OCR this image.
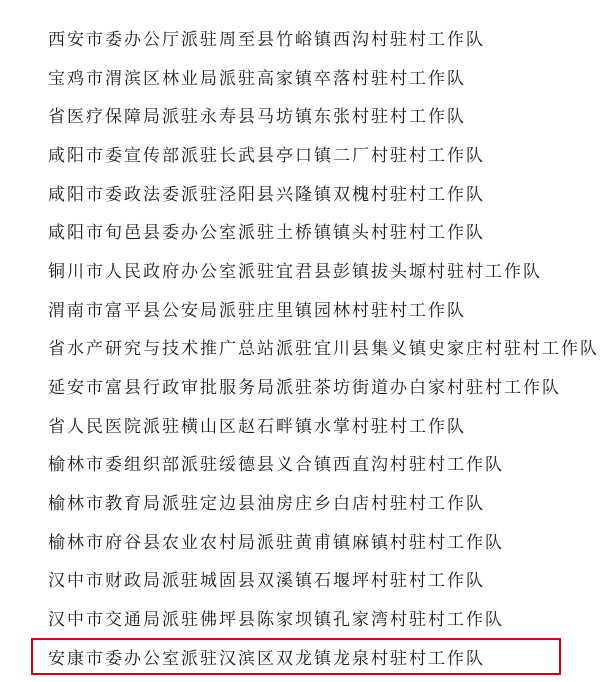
西安市委办公厅派驻周至县竹峪镇西沟村驻村工作队
宝鸡市渭滨区林业局派驻高家镇卒落村驻村工作队
省医疗保障局派驻永寿县马坊镇东张村驻村工作队
咸阳市委宣传部派驻长武县亭口镇二厂村驻村工作队
咸阳市委政法委派驻泾阳县兴隆镇双槐村驻村工作队
咸阳市旬邑县委办公室派驻土桥镇镇头村驻村工作队
铜川市人民政府办公室派驻宜君县彭镇拔头塬村驻村工作队
渭南市富平县公安局派驻庄里镇园林村驻村工作队
省水产研究与技术推广总站派驻宜川县集义镇史家庄村驻村工作队
延安市富县行政审批服务局派驻茶坊街道办白家村驻村工作队
省人民医院派驻横山区赵石畔镇水掌村驻村工作队
榆林市委组织部派驻绥德县义合镇西直沟村驻村工作队
榆林市教育局派驻定边县油房庄乡白店村驻村工作队
榆林市府谷县农业农村局派驻黄甫镇麻镇村驻村工作队
汉中市财政局派驻城固县双溪镇石堰坪村驻村工作队
汉中市交通局派驻佛坪县陈家坝镇孔家湾村驻村工作队
安康市委办公室派驻汉滨区双龙镇龙泉村驻村工作队
